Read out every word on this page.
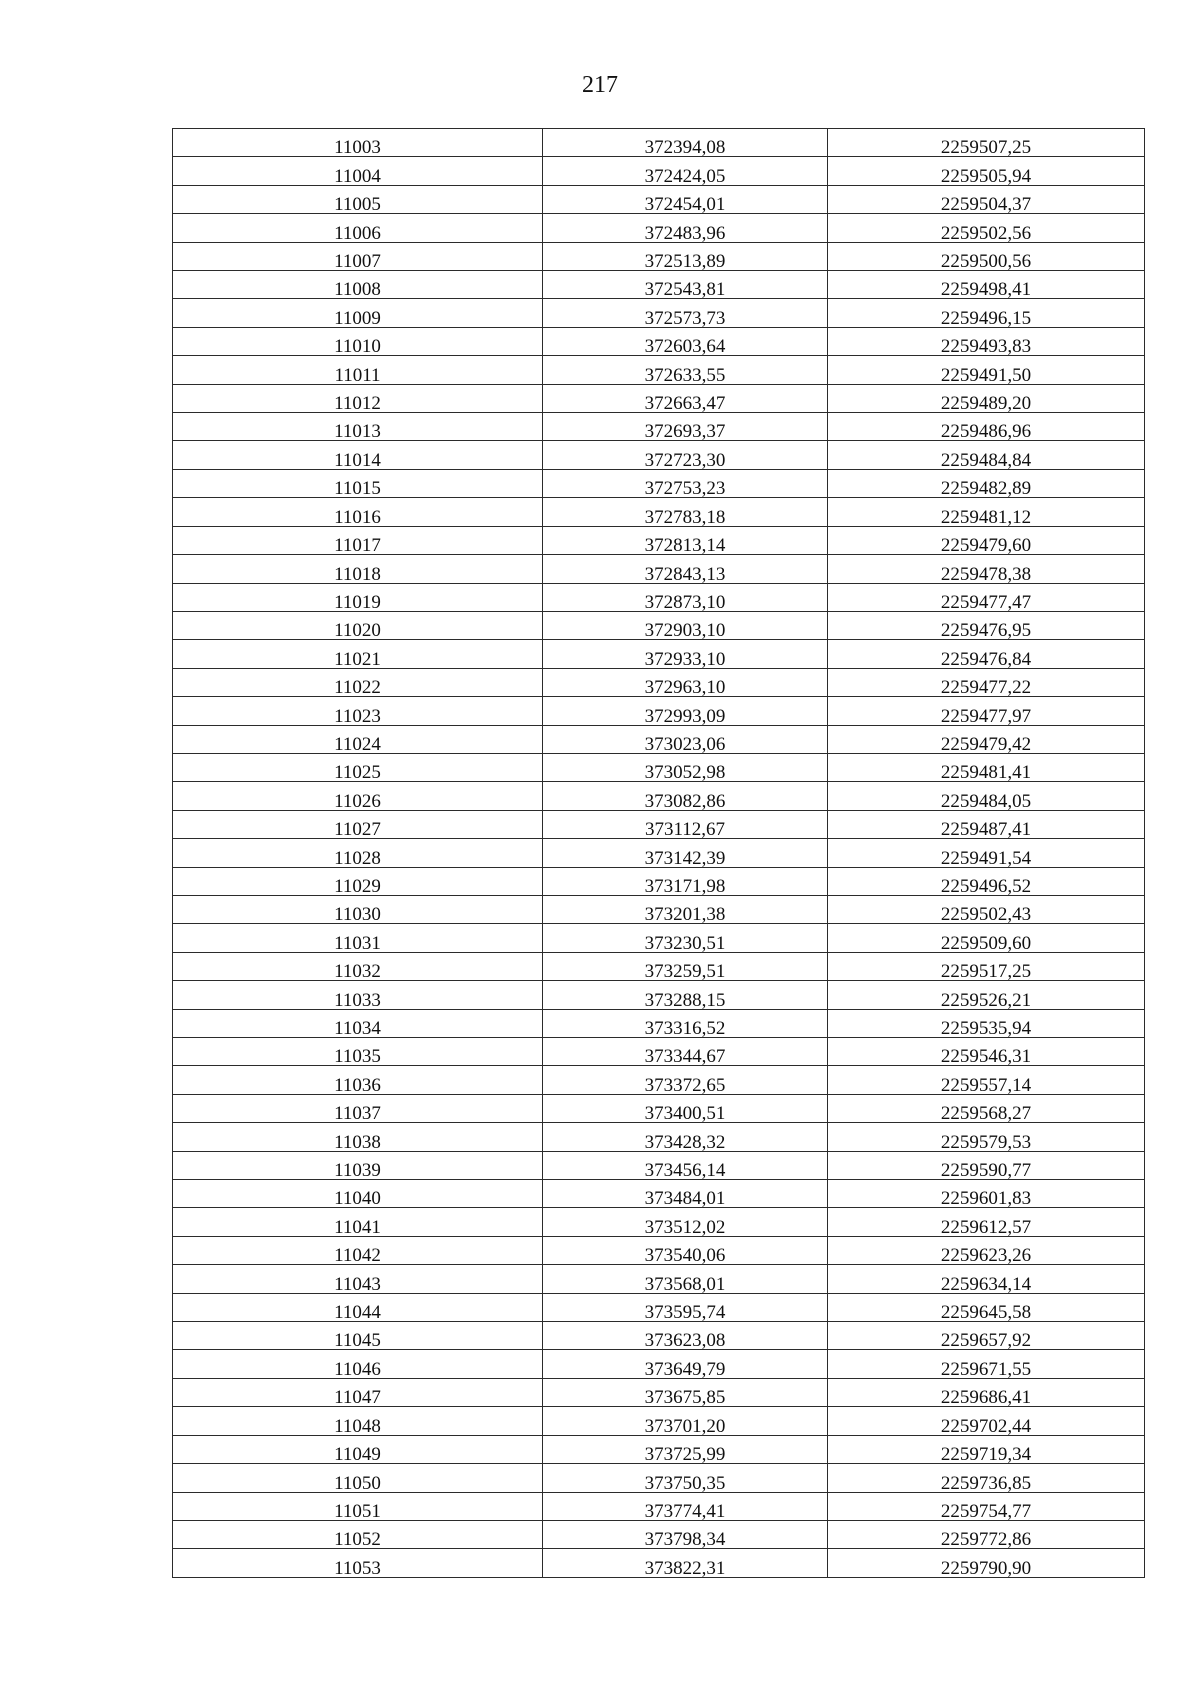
217
11003	372394,08	2259507,25
11004	372424,05	2259505,94
11005	372454,01	2259504,37
11006	372483,96	2259502,56
11007	372513,89	2259500,56
11008	372543,81	2259498,41
11009	372573,73	2259496,15
11010	372603,64	2259493,83
11011	372633,55	2259491,50
11012	372663,47	2259489,20
11013	372693,37	2259486,96
11014	372723,30	2259484,84
11015	372753,23	2259482,89
11016	372783,18	2259481,12
11017	372813,14	2259479,60
11018	372843,13	2259478,38
11019	372873,10	2259477,47
11020	372903,10	2259476,95
11021	372933,10	2259476,84
11022	372963,10	2259477,22
11023	372993,09	2259477,97
11024	373023,06	2259479,42
11025	373052,98	2259481,41
11026	373082,86	2259484,05
11027	373112,67	2259487,41
11028	373142,39	2259491,54
11029	373171,98	2259496,52
11030	373201,38	2259502,43
11031	373230,51	2259509,60
11032	373259,51	2259517,25
11033	373288,15	2259526,21
11034	373316,52	2259535,94
11035	373344,67	2259546,31
11036	373372,65	2259557,14
11037	373400,51	2259568,27
11038	373428,32	2259579,53
11039	373456,14	2259590,77
11040	373484,01	2259601,83
11041	373512,02	2259612,57
11042	373540,06	2259623,26
11043	373568,01	2259634,14
11044	373595,74	2259645,58
11045	373623,08	2259657,92
11046	373649,79	2259671,55
11047	373675,85	2259686,41
11048	373701,20	2259702,44
11049	373725,99	2259719,34
11050	373750,35	2259736,85
11051	373774,41	2259754,77
11052	373798,34	2259772,86
11053	373822,31	2259790,90
